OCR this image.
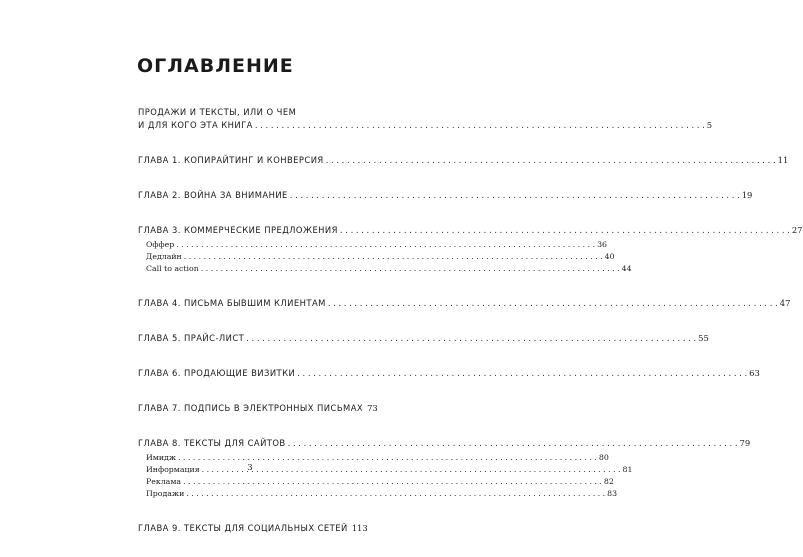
ОГЛАВЛЕНИЕ
ПРОДАЖИ И ТЕКСТЫ, ИЛИ О ЧЕМ
И ДЛЯ КОГО ЭТА КНИГА . . .	5
ГЛАВА 1. КОПИРАЙТИНГ И КОНВЕРСИЯ . . .	11
ГЛАВА 2. ВОЙНА ЗА ВНИМАНИЕ . . .	19
ГЛАВА 3. КОММЕРЧЕСКИЕ ПРЕДЛОЖЕНИЯ . . .	27
Оффер . . .	36
Дедлайн . . .	40
Call to action . . .	44
ГЛАВА 4. ПИСЬМА БЫВШИМ КЛИЕНТАМ . . .	47
ГЛАВА 5. ПРАЙС-ЛИСТ . . .	55
ГЛАВА 6. ПРОДАЮЩИЕ ВИЗИТКИ . . .	63
ГЛАВА 7. ПОДПИСЬ В ЭЛЕКТРОННЫХ ПИСЬМАХ 73
ГЛАВА 8. ТЕКСТЫ ДЛЯ САЙТОВ . . .	79
Имидж . . .	80
Информация . . .	81
Реклама . . .	82
Продажи . . .	83
ГЛАВА 9. ТЕКСТЫ ДЛЯ СОЦИАЛЬНЫХ СЕТЕЙ 113
3
